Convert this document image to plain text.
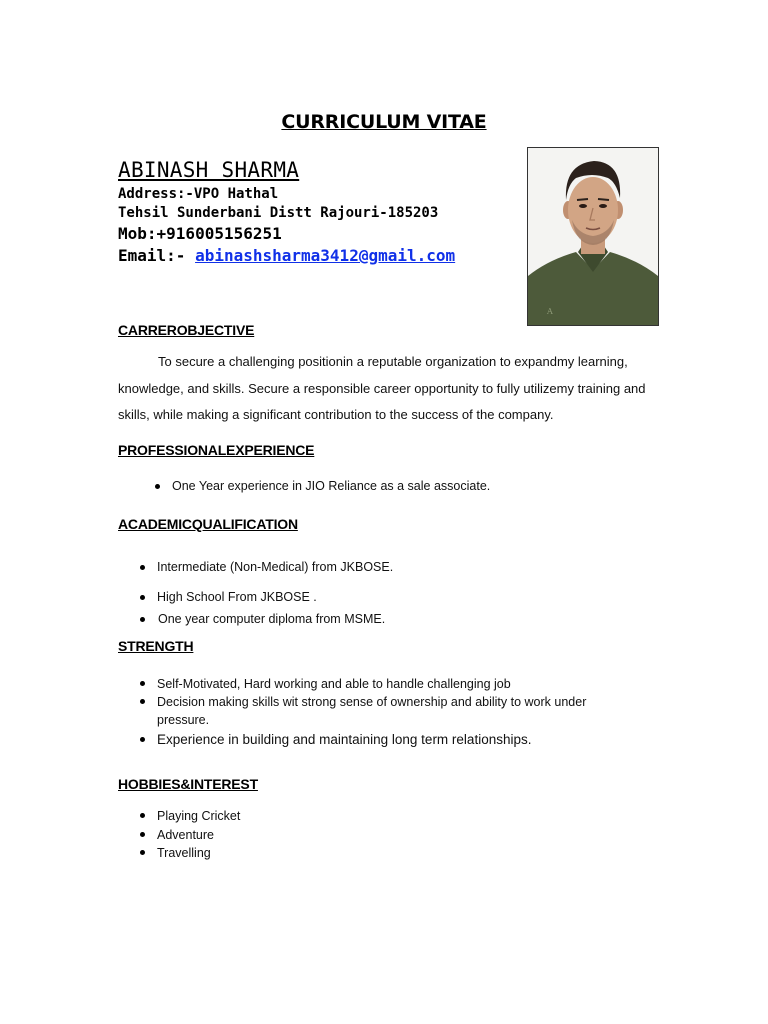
CURRICULUM VITAE
ABINASH SHARMA
Address:-VPO Hathal
Tehsil Sunderbani Distt Rajouri-185203
Mob:+916005156251
Email:- abinashsharma3412@gmail.com
A
CARREROBJECTIVE
To secure a challenging positionin a reputable organization to expandmy learning, knowledge, and skills. Secure a responsible career opportunity to fully utilizemy training and skills, while making a significant contribution to the success of the company.
PROFESSIONALEXPERIENCE
One Year experience in JIO Reliance as a sale associate.
ACADEMICQUALIFICATION
Intermediate (Non-Medical) from JKBOSE.
High School From JKBOSE .
One year computer diploma from MSME.
STRENGTH
Self-Motivated, Hard working and able to handle challenging job
Decision making skills wit strong sense of ownership and ability to work under pressure.
Experience in building and maintaining long term relationships.
HOBBIES&INTEREST
Playing Cricket
Adventure
Travelling
